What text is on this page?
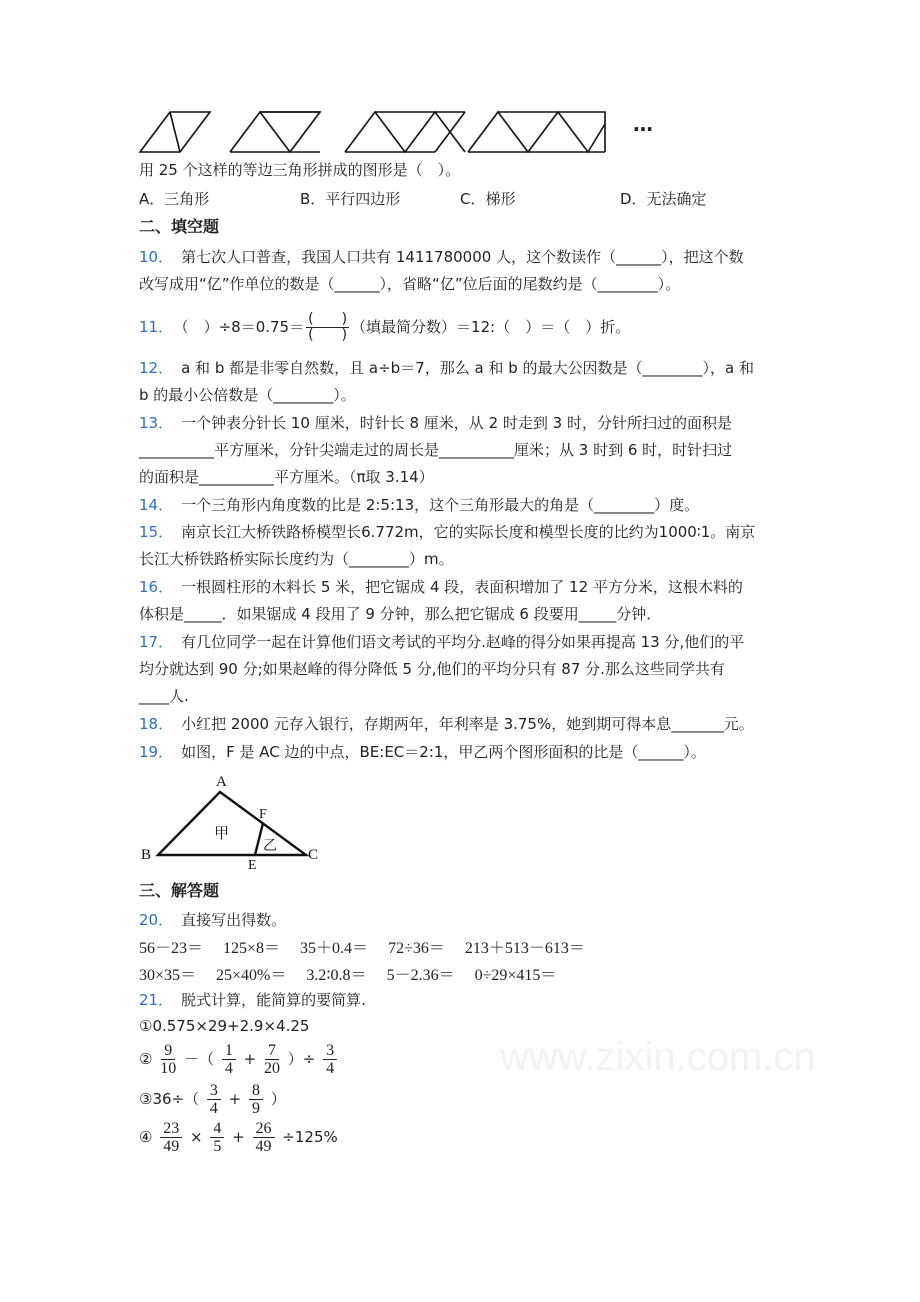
…
用 25 个这样的等边三角形拼成的图形是（　）。
A．三角形	B．平行四边形	C．梯形	D．无法确定
二、填空题
10． 第七次人口普查，我国人口共有 1411780000 人，这个数读作（______），把这个数
改写成用“亿”作单位的数是（______），省略“亿”位后面的尾数约是（________）。
11． （　）$\div 8=0.75= \frac{( )}{( )}$ （填最简分数）＝12:（　）＝（　）折。
12． a 和 b 都是非零自然数，且 a÷b＝7，那么 a 和 b 的最大公因数是（________），a 和
b 的最小公倍数是（________）。
13． 一个钟表分针长 10 厘米，时针长 8 厘米，从 2 时走到 3 时，分针所扫过的面积是
__________平方厘米，分针尖端走过的周长是__________厘米；从 3 时到 6 时，时针扫过
的面积是__________平方厘米。（π取 3.14）
14． 一个三角形内角度数的比是 2:5:13，这个三角形最大的角是（________）度。
15． 南京长江大桥铁路桥模型长6.772m，它的实际长度和模型长度的比约为1000∶1。南京
长江大桥铁路桥实际长度约为（________）m。
16． 一根圆柱形的木料长 5 米，把它锯成 4 段，表面积增加了 12 平方分米，这根木料的
体积是_____．如果锯成 4 段用了 9 分钟，那么把它锯成 6 段要用_____分钟．
17． 有几位同学一起在计算他们语文考试的平均分.赵峰的得分如果再提高 13 分,他们的平
均分就达到 90 分;如果赵峰的得分降低 5 分,他们的平均分只有 87 分.那么这些同学共有
____人.
18． 小红把 2000 元存入银行，存期两年，年利率是 3.75%，她到期可得本息_______元。
19． 如图，F 是 AC 边的中点，BE:EC＝2:1，甲乙两个图形面积的比是（______）。
A
B	C
E
F
甲
乙
三、解答题
20． 直接写出得数。
56－23＝ 125×8＝ 35＋0.4＝ 72÷36＝ 213＋513－613＝
30×35＝ 25×40%＝ 3.2∶0.8＝ 5－2.36＝ 0÷29×415＝
21． 脱式计算，能简算的要简算.
①0.575×29+2.9×4.25
② $\frac{9}{10}$ －（ $\frac{1}{4} + \frac{7}{20}$ ）÷ $\frac{3}{4}$
③36÷（ $\frac{3}{4} + \frac{8}{9}$ ）
④ $\frac{23}{49} \times \frac{4}{5} + \frac{26}{49} \div 125\%$
www.zixin.com.cn
